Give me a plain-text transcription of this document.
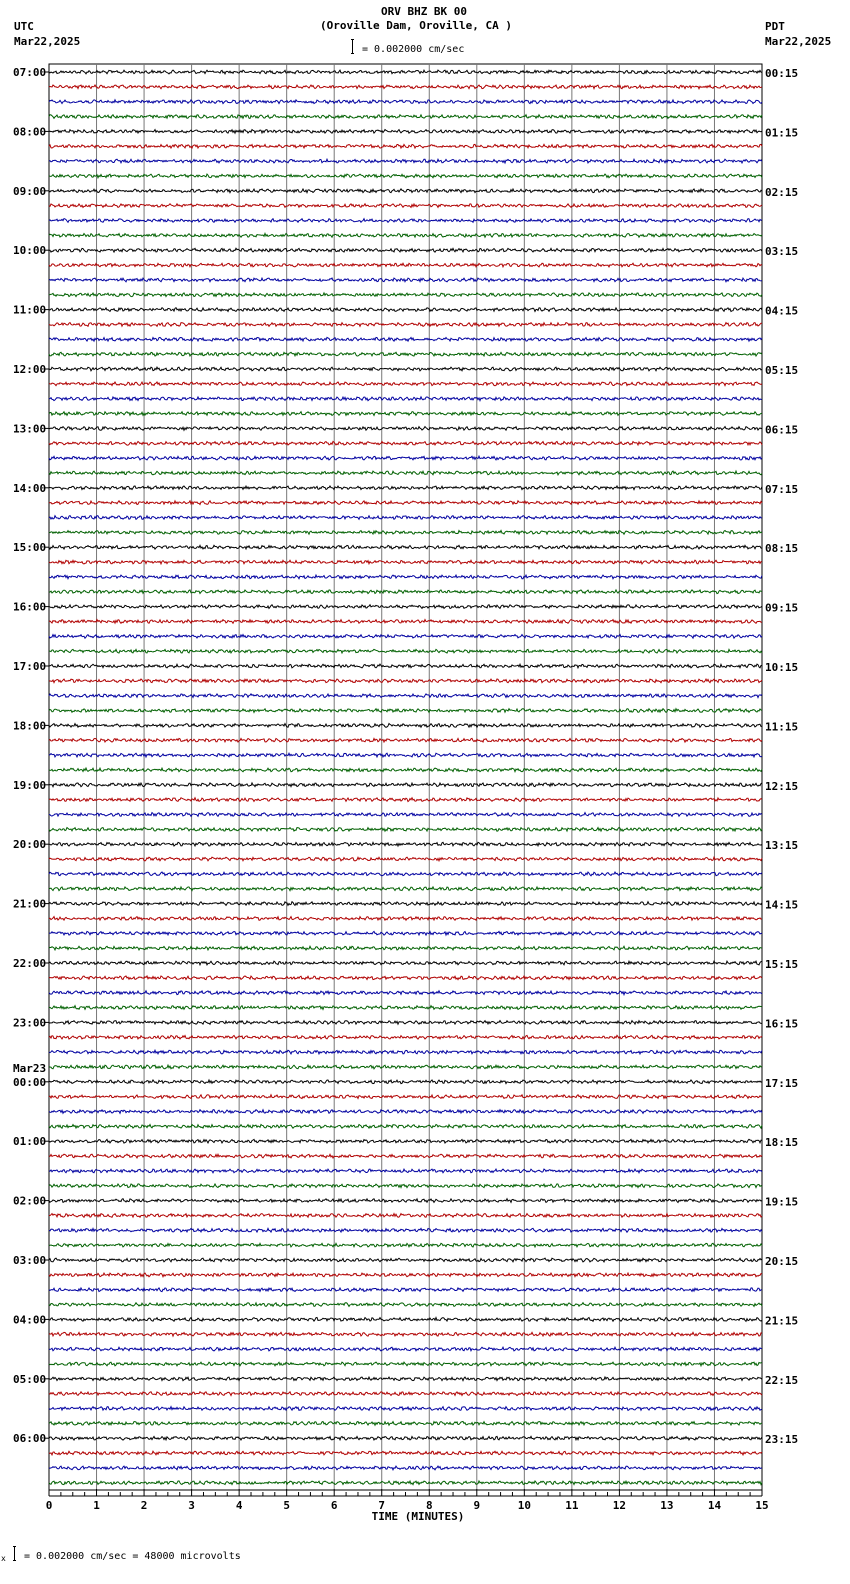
ORV BHZ BK 00
(Oroville Dam, Oroville, CA )
= 0.002000 cm/sec
UTC
Mar22,2025
PDT
Mar22,2025
07:00
08:00
09:00
10:00
11:00
12:00
13:00
14:00
15:00
16:00
17:00
18:00
19:00
20:00
21:00
22:00
23:00
00:00
01:00
02:00
03:00
04:00
05:00
06:00
Mar23
00:15
01:15
02:15
03:15
04:15
05:15
06:15
07:15
08:15
09:15
10:15
11:15
12:15
13:15
14:15
15:15
16:15
17:15
18:15
19:15
20:15
21:15
22:15
23:15
0	1	2	3	4	5	6	7	8	9	10	11	12	13	14	15
TIME (MINUTES)
x = 0.002000 cm/sec = 48000 microvolts
